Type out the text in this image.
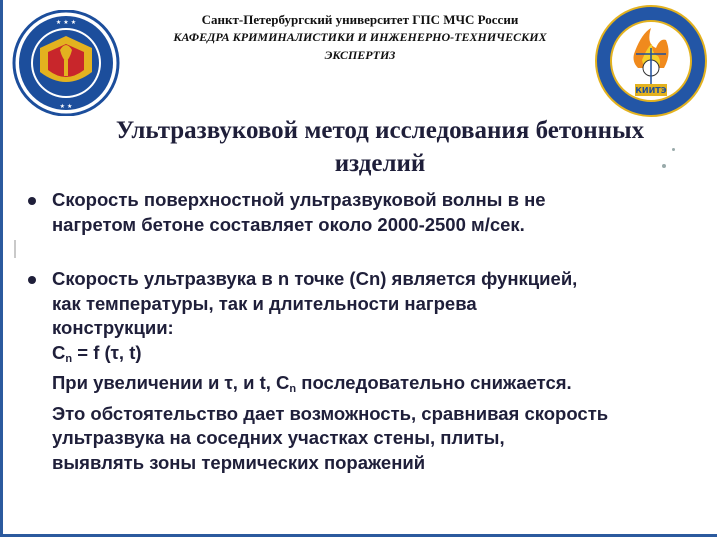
★ ★ ★
★ ★
Санкт-Петербургский университет ГПС МЧС России
КАФЕДРА КРИМИНАЛИСТИКИ И ИНЖЕНЕРНО-ТЕХНИЧЕСКИХ
ЭКСПЕРТИЗ
КИИТЭ
Ультразвуковой метод исследования бетонных
изделий
Скорость поверхностной ультразвуковой волны в не
нагретом бетоне составляет около 2000-2500 м/сек.
Скорость ультразвука в n точке (Cn) является функцией,
как температуры, так и длительности нагрева
конструкции:
$C_n = f$ (τ, t)
При увеличении и τ, и t, $C_n$ последовательно снижается.
Это обстоятельство дает возможность, сравнивая скорость
ультразвука на соседних участках стены, плиты,
выявлять зоны термических поражений
